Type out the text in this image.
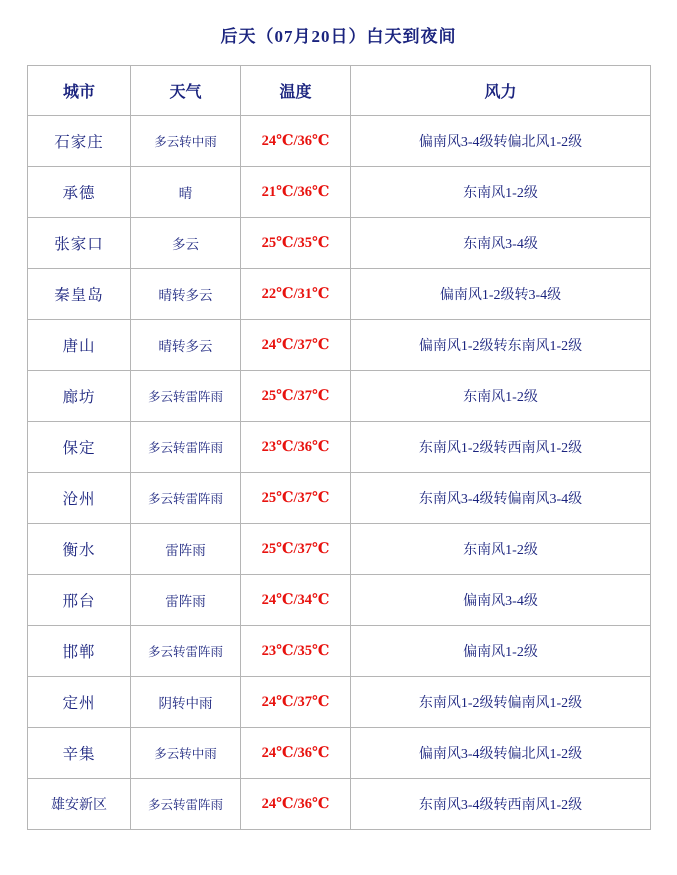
后天（07月20日）白天到夜间
城市	天气	温度	风力
石家庄	多云转中雨	24℃/36℃	偏南风3-4级转偏北风1-2级
承德	晴	21℃/36℃	东南风1-2级
张家口	多云	25℃/35℃	东南风3-4级
秦皇岛	晴转多云	22℃/31℃	偏南风1-2级转3-4级
唐山	晴转多云	24℃/37℃	偏南风1-2级转东南风1-2级
廊坊	多云转雷阵雨	25℃/37℃	东南风1-2级
保定	多云转雷阵雨	23℃/36℃	东南风1-2级转西南风1-2级
沧州	多云转雷阵雨	25℃/37℃	东南风3-4级转偏南风3-4级
衡水	雷阵雨	25℃/37℃	东南风1-2级
邢台	雷阵雨	24℃/34℃	偏南风3-4级
邯郸	多云转雷阵雨	23℃/35℃	偏南风1-2级
定州	阴转中雨	24℃/37℃	东南风1-2级转偏南风1-2级
辛集	多云转中雨	24℃/36℃	偏南风3-4级转偏北风1-2级
雄安新区	多云转雷阵雨	24℃/36℃	东南风3-4级转西南风1-2级
